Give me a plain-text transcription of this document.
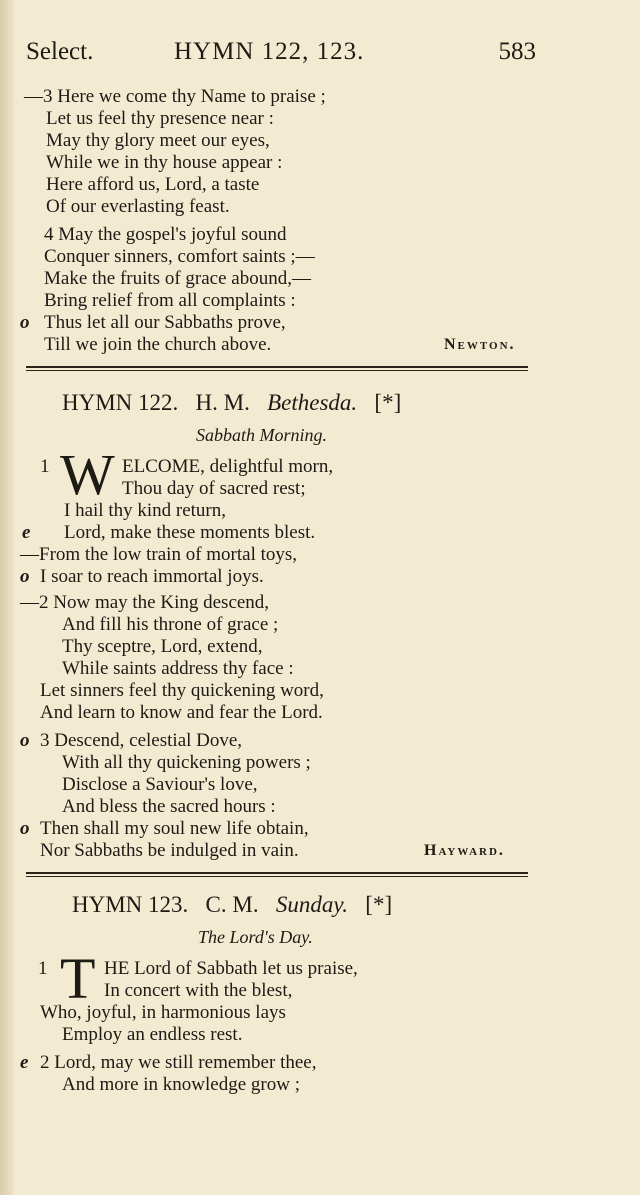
Select.	HYMN 122, 123.	583
—3 Here we come thy Name to praise ;
Let us feel thy presence near :
May thy glory meet our eyes,
While we in thy house appear :
Here afford us, Lord, a taste
Of our everlasting feast.
4 May the gospel's joyful sound
Conquer sinners, comfort saints ;—
Make the fruits of grace abound,—
Bring relief from all complaints :
o Thus let all our Sabbaths prove,
Till we join the church above.	Newton.
HYMN 122. H. M. Bethesda. [*]
Sabbath Morning.
1 W ELCOME, delightful morn,
Thou day of sacred rest;
I hail thy kind return,
e Lord, make these moments blest.
—From the low train of mortal toys,
o I soar to reach immortal joys.
—2 Now may the King descend,
And fill his throne of grace ;
Thy sceptre, Lord, extend,
While saints address thy face :
Let sinners feel thy quickening word,
And learn to know and fear the Lord.
o 3 Descend, celestial Dove,
With all thy quickening powers ;
Disclose a Saviour's love,
And bless the sacred hours :
o Then shall my soul new life obtain,
Nor Sabbaths be indulged in vain.	Hayward.
HYMN 123. C. M. Sunday. [*]
The Lord's Day.
1 T HE Lord of Sabbath let us praise,
In concert with the blest,
Who, joyful, in harmonious lays
Employ an endless rest.
e 2 Lord, may we still remember thee,
And more in knowledge grow ;
